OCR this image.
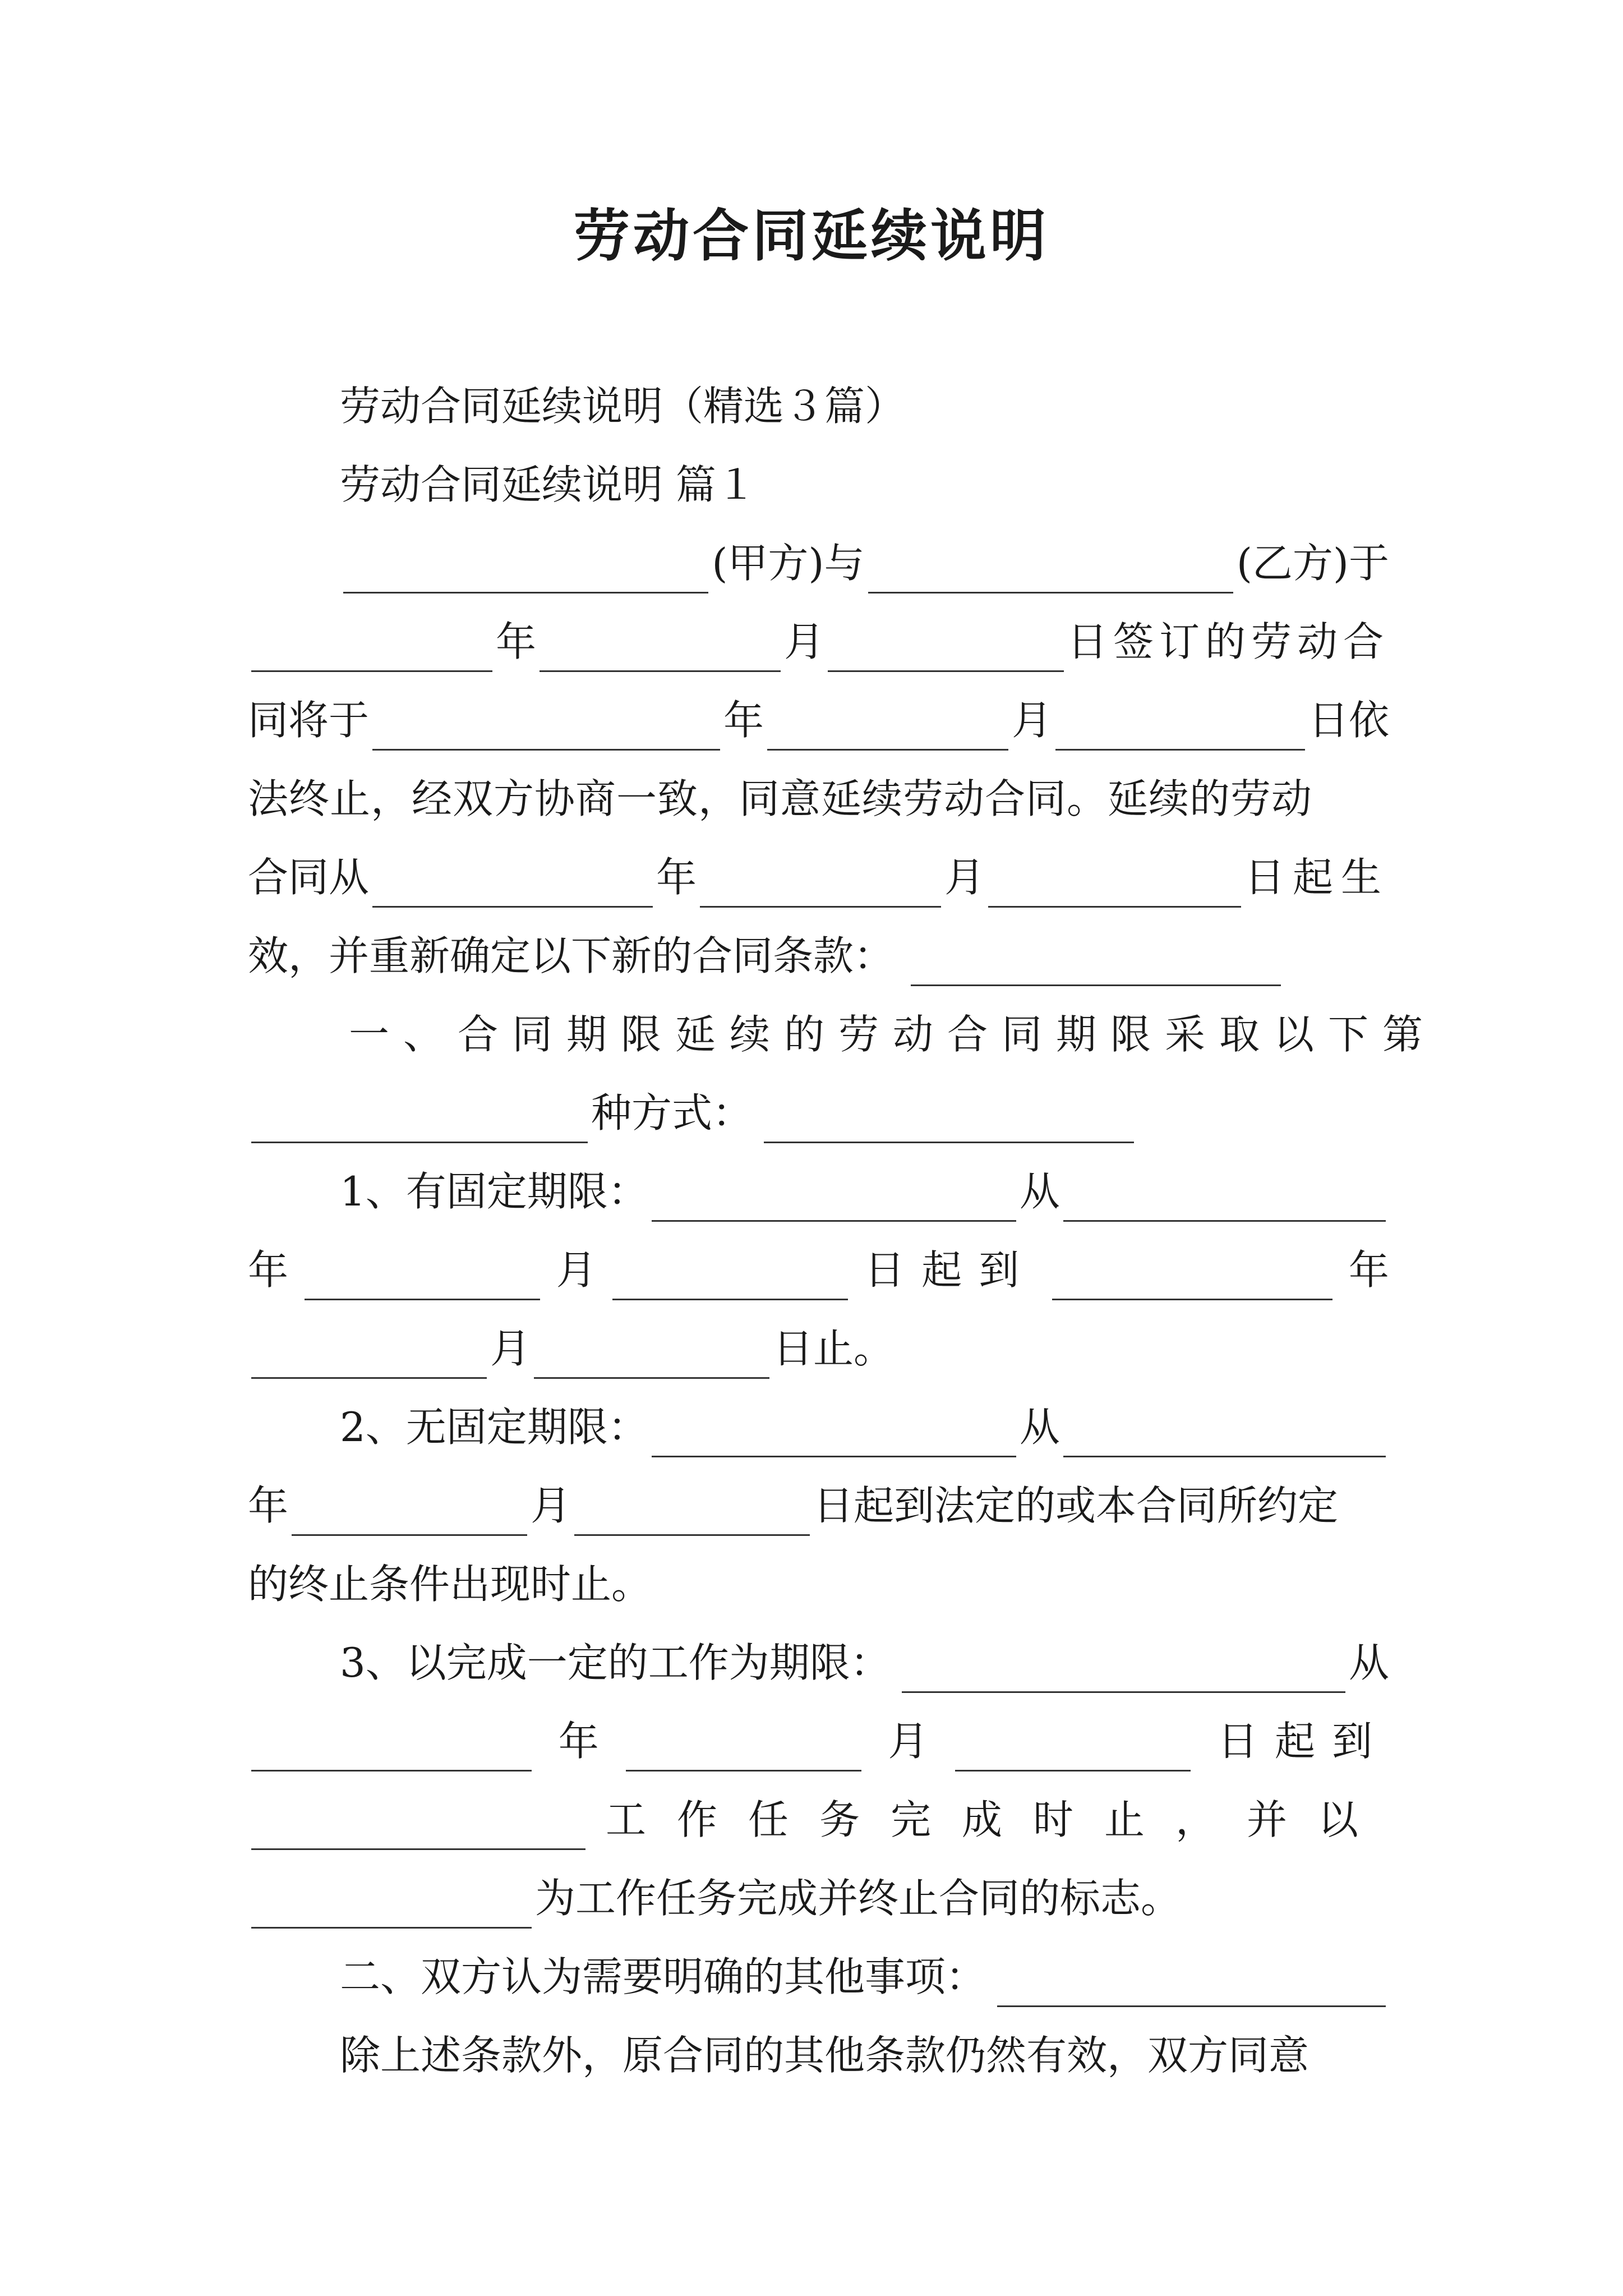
劳动合同延续说明
劳动合同延续说明（精选３篇）
劳动合同延续说明 篇１
(甲方)与	(乙方)于
年	月	日签订的劳动合
同将于	年	月	日依
法终止，经双方协商一致，同意延续劳动合同。延续的劳动
合同从	年	月	日起生
效，并重新确定以下新的合同条款：
一、合同期限延续的劳动合同期限采取以下第
种方式：
1、有固定期限：	从
年	月	日起到	年
月	日止。
2、无固定期限：	从
年	月	日起到法定的或本合同所约定
的终止条件出现时止。
3、以完成一定的工作为期限：	从
年	月	日起到
工作任务完成时止，并以
为工作任务完成并终止合同的标志。
二、双方认为需要明确的其他事项：
除上述条款外，原合同的其他条款仍然有效，双方同意
